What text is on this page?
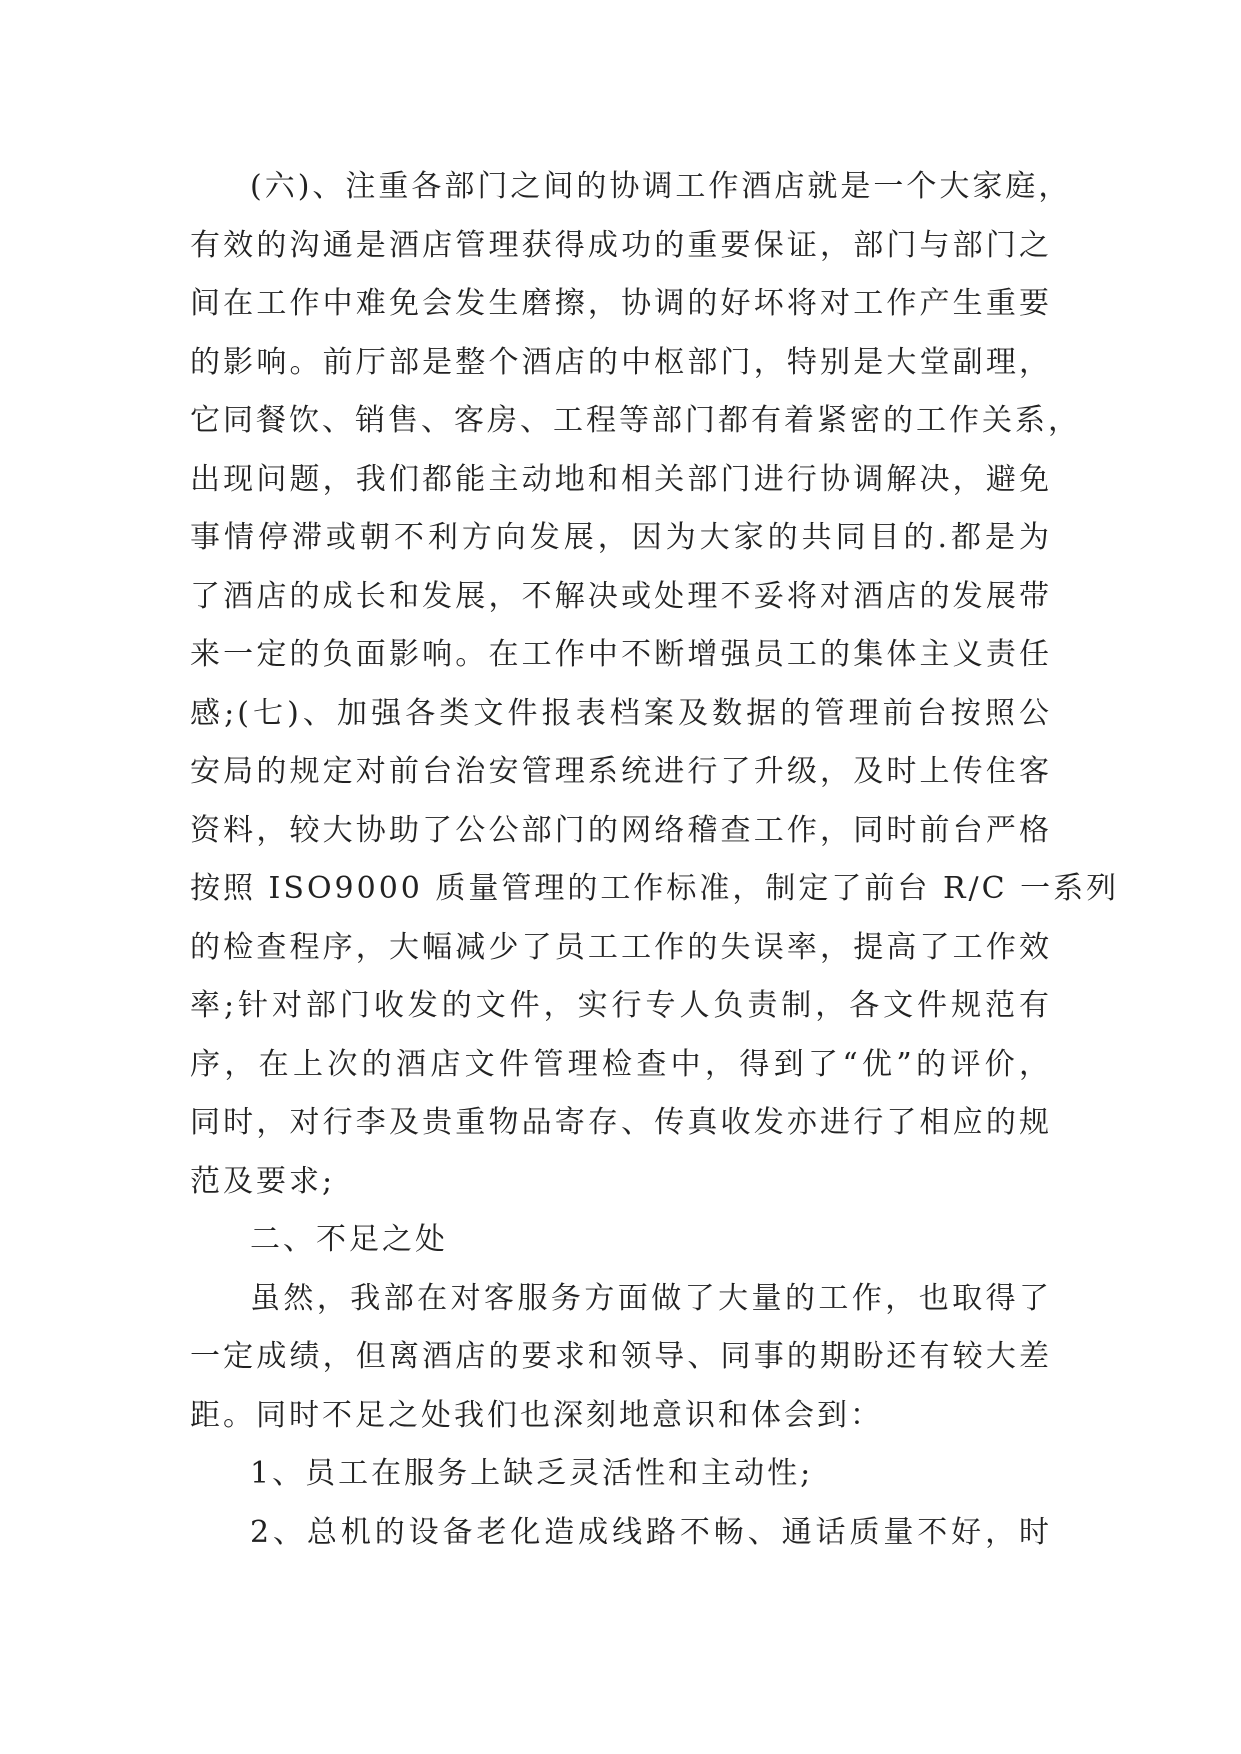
(六)、注重各部门之间的协调工作酒店就是一个大家庭，
有效的沟通是酒店管理获得成功的重要保证，部门与部门之
间在工作中难免会发生磨擦，协调的好坏将对工作产生重要
的影响。前厅部是整个酒店的中枢部门，特别是大堂副理，
它同餐饮、销售、客房、工程等部门都有着紧密的工作关系，
出现问题，我们都能主动地和相关部门进行协调解决，避免
事情停滞或朝不利方向发展，因为大家的共同目的.都是为
了酒店的成长和发展，不解决或处理不妥将对酒店的发展带
来一定的负面影响。在工作中不断增强员工的集体主义责任
感;(七)、加强各类文件报表档案及数据的管理前台按照公
安局的规定对前台治安管理系统进行了升级，及时上传住客
资料，较大协助了公公部门的网络稽查工作，同时前台严格
按照 ISO9000 质量管理的工作标准，制定了前台 R/C 一系列
的检查程序，大幅减少了员工工作的失误率，提高了工作效
率;针对部门收发的文件，实行专人负责制，各文件规范有
序，在上次的酒店文件管理检查中，得到了“优”的评价，
同时，对行李及贵重物品寄存、传真收发亦进行了相应的规
范及要求;
二、不足之处
虽然，我部在对客服务方面做了大量的工作，也取得了
一定成绩，但离酒店的要求和领导、同事的期盼还有较大差
距。同时不足之处我们也深刻地意识和体会到：
1、员工在服务上缺乏灵活性和主动性;
2、总机的设备老化造成线路不畅、通话质量不好，时
